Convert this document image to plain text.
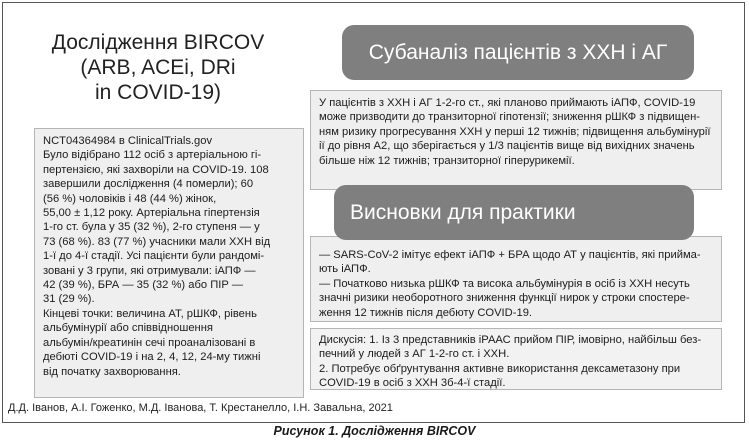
Дослідження BIRCOV
(ARB, ACEi, DRi
in COVID-19)
NCT04364984 в ClinicalTrials.gov
Було відібрано 112 осіб з артеріальною гі-
пертензією, які захворіли на COVID-19. 108
завершили дослідження (4 померли); 60
(56 %) чоловіків і 48 (44 %) жінок,
55,00 ± 1,12 року. Артеріальна гіпертензія
1-го ст. була у 35 (32 %), 2-го ступеня — у
73 (68 %). 83 (77 %) учасники мали ХХН від
1-ї до 4-ї стадії. Усі пацієнти були рандомі-
зовані у 3 групи, які отримували: іАПФ —
42 (39 %), БРА — 35 (32 %) або ПІР —
31 (29 %).
Кінцеві точки: величина АТ, рШКФ, рівень
альбумінурії або співвідношення
альбумін/креатинін сечі проаналізовані в
дебюті COVID-19 і на 2, 4, 12, 24-му тижні
від початку захворювання.
У пацієнтів з ХХН і АГ 1-2-го ст., які планово приймають іАПФ, COVID-19
може призводити до транзиторної гіпотензії; зниження рШКФ з підвищен-
ням ризику прогресування ХХН у перші 12 тижнів; підвищення альбумінурії
ії до рівня А2, що зберігається у 1/3 пацієнтів вище від вихідних значень
більше ніж 12 тижнів; транзиторної гіперурикемії.
Субаналіз пацієнтів з ХХН і АГ
— SARS-CoV-2 імітує ефект іАПФ + БРА щодо АТ у пацієнтів, які прийма-
ють іАПФ.
— Початково низька рШКФ та висока альбумінурія в осіб із ХХН несуть
значні ризики необоротного зниження функції нирок у строки спостере-
ження 12 тижнів після дебюту COVID-19.
Висновки для практики
Дискусія: 1. Із 3 представників іРААС прийом ПІР, імовірно, найбільш без-
печний у людей з АГ 1-2-го ст. і ХХН.
2. Потребує обґрунтування активне використання дексаметазону при
COVID-19 в осіб з ХХН 3б-4-ї стадії.
Д.Д. Іванов, А.І. Гоженко, М.Д. Іванова, Т. Крестанелло, І.Н. Завальна, 2021
Рисунок 1. Дослідження BIRCOV
